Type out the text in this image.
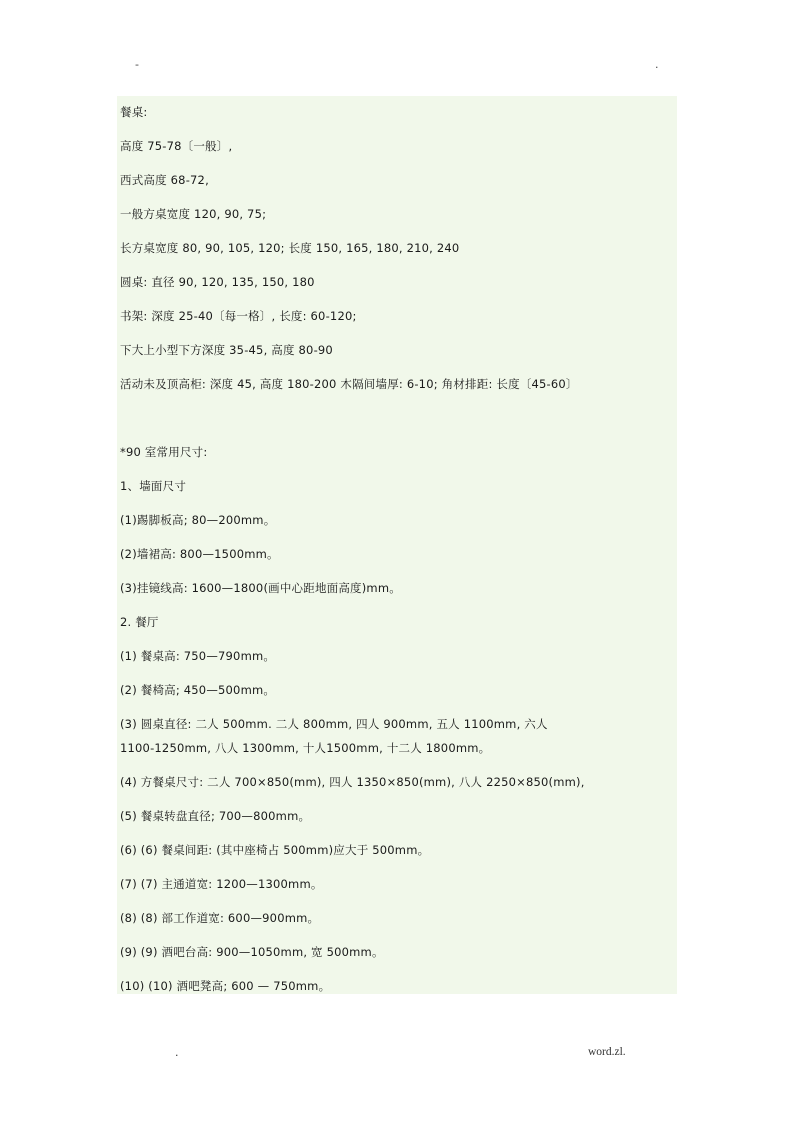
-	.
餐桌:
高度 75-78〔一般〕,
西式高度 68-72,
一般方桌宽度 120, 90, 75;
长方桌宽度 80, 90, 105, 120; 长度 150, 165, 180, 210, 240
圆桌: 直径 90, 120, 135, 150, 180
书架: 深度 25-40〔每一格〕, 长度: 60-120;
下大上小型下方深度 35-45, 高度 80-90
活动未及顶高柜: 深度 45, 高度 180-200 木隔间墙厚: 6-10; 角材排距: 长度〔45-60〕
*90 室常用尺寸:
1、墙面尺寸
(1)踢脚板高; 80—200mm。
(2)墙裙高: 800—1500mm。
(3)挂镜线高: 1600—1800(画中心距地面高度)mm。
2. 餐厅
(1) 餐桌高: 750—790mm。
(2) 餐椅高; 450—500mm。
(3) 圆桌直径: 二人 500mm. 二人 800mm, 四人 900mm, 五人 1100mm, 六人
1100-1250mm, 八人 1300mm, 十人1500mm, 十二人 1800mm。
(4) 方餐桌尺寸: 二人 700×850(mm), 四人 1350×850(mm), 八人 2250×850(mm),
(5) 餐桌转盘直径; 700—800mm。
(6) (6) 餐桌间距: (其中座椅占 500mm)应大于 500mm。
(7) (7) 主通道宽: 1200—1300mm。
(8) (8) 部工作道宽: 600—900mm。
(9) (9) 酒吧台高: 900—1050mm, 宽 500mm。
(10) (10) 酒吧凳高; 600 — 750mm。
.	word.zl.
